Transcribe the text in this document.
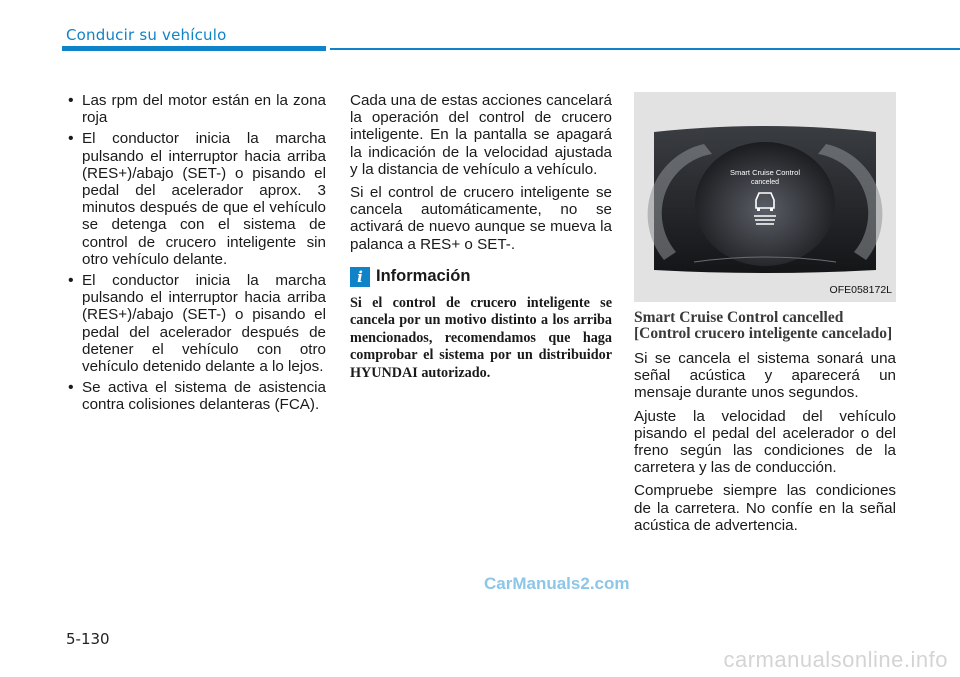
Conducir su vehículo
• Las rpm del motor están en la zona roja
• El conductor inicia la marcha pulsando el interruptor hacia arriba (RES+)/abajo (SET-) o pisando el pedal del acelerador aprox. 3 minutos después de que el vehículo se detenga con el sistema de control de crucero inteligente sin otro vehículo delante.
• El conductor inicia la marcha pulsando el interruptor hacia arriba (RES+)/abajo (SET-) o pisando el pedal del acelerador después de detener el vehículo con otro vehículo detenido delante a lo lejos.
• Se activa el sistema de asistencia contra colisiones delanteras (FCA).

Cada una de estas acciones cancelará la operación del control de crucero inteligente. En la pantalla se apagará la indicación de la velocidad ajustada y la distancia de vehículo a vehículo.

Si el control de crucero inteligente se cancela automáticamente, no se activará de nuevo aunque se mueva la palanca a RES+ o SET-.

i Información

Si el control de crucero inteligente se cancela por un motivo distinto a los arriba mencionados, recomendamos que haga comprobar el sistema por un distribuidor HYUNDAI autorizado.

Smart Cruise Control
canceled
OFE058172L
Smart Cruise Control cancelled [Control crucero inteligente cancelado]

Si se cancela el sistema sonará una señal acústica y aparecerá un mensaje durante unos segundos.

Ajuste la velocidad del vehículo pisando el pedal del acelerador o del freno según las condiciones de la carretera y las de conducción.

Compruebe siempre las condiciones de la carretera. No confíe en la señal acústica de advertencia.

CarManuals2.com
5-130
carmanualsonline.info
